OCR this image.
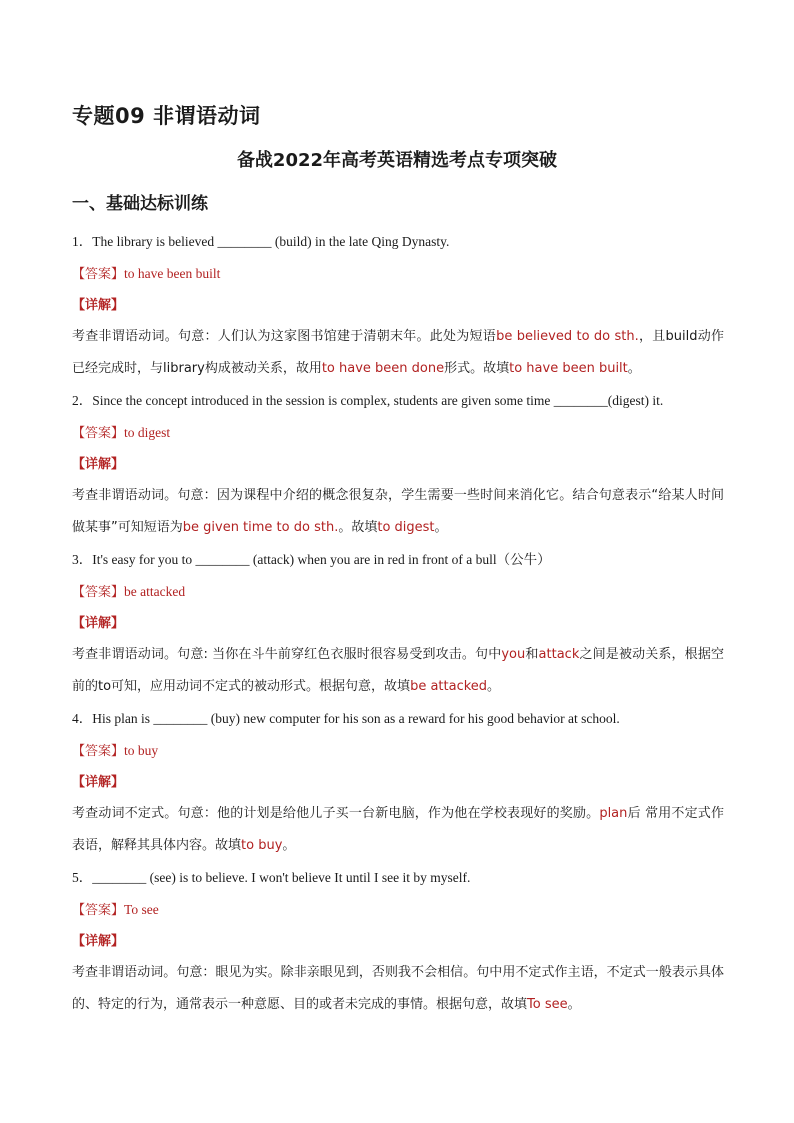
专题09 非谓语动词
备战2022年高考英语精选考点专项突破
一、基础达标训练
1．The library is believed ________ (build) in the late Qing Dynasty.
【答案】to have been built
【详解】
考查非谓语动词。句意：人们认为这家图书馆建于清朝末年。此处为短语be believed to do sth.，且build动作已经完成时，与library构成被动关系，故用to have been done形式。故填to have been built。
2．Since the concept introduced in the session is complex, students are given some time ________(digest) it.
【答案】to digest
【详解】
考查非谓语动词。句意：因为课程中介绍的概念很复杂，学生需要一些时间来消化它。结合句意表示“给某人时间做某事”可知短语为be given time to do sth.。故填to digest。
3．It's easy for you to ________ (attack) when you are in red in front of a bull（公牛）
【答案】be attacked
【详解】
考查非谓语动词。句意: 当你在斗牛前穿红色衣服时很容易受到攻击。句中you和attack之间是被动关系，根据空前的to可知，应用动词不定式的被动形式。根据句意，故填be attacked。
4．His plan is ________ (buy) new computer for his son as a reward for his good behavior at school.
【答案】to buy
【详解】
考查动词不定式。句意：他的计划是给他儿子买一台新电脑，作为他在学校表现好的奖励。plan后 常用不定式作表语，解释其具体内容。故填to buy。
5．________ (see) is to believe. I won't believe It until I see it by myself.
【答案】To see
【详解】
考查非谓语动词。句意：眼见为实。除非亲眼见到，否则我不会相信。句中用不定式作主语，不定式一般表示具体的、特定的行为，通常表示一种意愿、目的或者未完成的事情。根据句意，故填To see。
